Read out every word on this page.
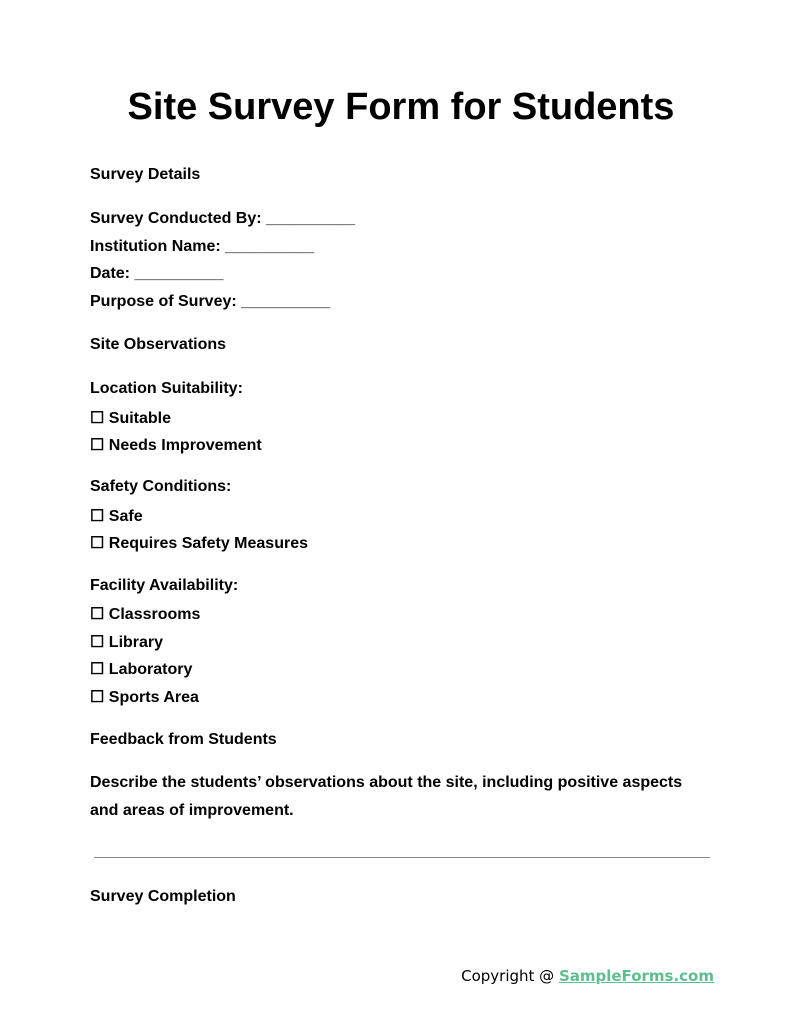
Site Survey Form for Students
Survey Details
Survey Conducted By: __________
Institution Name: __________
Date: __________
Purpose of Survey: __________
Site Observations
Location Suitability:
☐ Suitable
☐ Needs Improvement
Safety Conditions:
☐ Safe
☐ Requires Safety Measures
Facility Availability:
☐ Classrooms
☐ Library
☐ Laboratory
☐ Sports Area
Feedback from Students
Describe the students’ observations about the site, including positive aspects and areas of improvement.
Survey Completion
Copyright @ SampleForms.com
